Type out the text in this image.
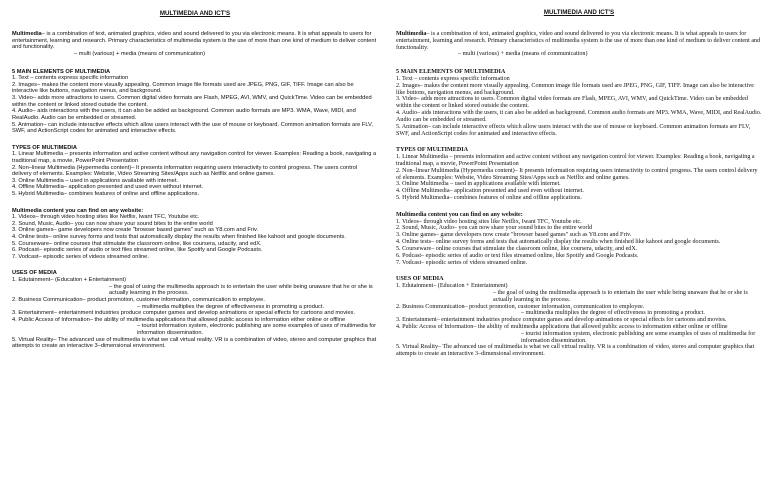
MULTIMEDIA AND ICT'S

Multimedia– is a combination of text, animated graphics, video and sound delivered to you via electronic means. It is what appeals to users for entertainment, learning and research. Primary characteristics of multimedia system is the use of more than one kind of medium to deliver content and functionality.

– multi (various) + media (means of communication)

5 MAIN ELEMENTS OF MULTIMEDIA

1. Text – contents express specific information

2. Images– makes the content more visually appealing. Common image file formats used are JPEG, PNG, GIF, TIFF. Image can also be interactive like buttons, navigation menus, and background.

3. Video– adds more attractions to users. Common digital video formats are Flash, MPEG, AVI, WMV, and QuickTime. Video can be embedded within the content or linked stored outside the content.

4. Audio– aids interactions with the users, it can also be added as background. Common audio formats are MP3. WMA, Wave, MIDI, and RealAudio. Audio can be embedded or streamed.

5. Animation– can include interactive effects which allow users interact with the use of mouse or keyboard. Common animation formats are FLV, SWF, and ActionScript codes for animated and interactive effects.

TYPES OF MULTIMEDIA

1. Linear Multimedia – presents information and active content without any navigation control for viewer. Examples: Reading a book, navigating a traditional map, a movie, PowerPoint Presentation

2. Non–linear Multimedia (Hypermedia content)– It presents information requiring users interactivity to control progress. The users control delivery of elements. Examples: Website, Video Streaming Sites/Apps such as Netflix and online games.

3. Online Multimedia – used in applications available with internet.

4. Offline Multimedia– application presented and used even without internet.

5. Hybrid Multimedia– combines features of online and offline applications.

Multimedia content you can find on any website:

1. Videos– through video hosting sites like Netflix, Iwant TFC, Youtube etc.

2. Sound, Music, Audio– you can now share your sound bites to the entire world

3. Online games– game developers now create "browser based games" such as Y8.com and Friv.

4. Online tests– online survey forms and tests that automatically display the results when finished like kahoot and google documents.

5. Courseware– online courses that stimulate the classroom online, like coursera, udacity, and edX.

6. Podcast– episodic series of audio or text files streamed online, like Spotify and Google Podcasts.

7. Vodcast– episodic series of videos streamed online.

USES OF MEDIA

1. Edutainment– (Education + Entertainment)

– the goal of using the multimedia approach is to entertain the user while being unaware that he or she is actually learning in the process.

2. Business Communication– product promotion, customer information, communication to employee.

– multimedia multiplies the degree of effectiveness in promoting a product.

3. Entertainment– entertainment industries produce computer games and develop animations or special effects for cartoons and movies.

4. Public Access of Information– the ability of multimedia applications that allowed public access to information either online or offline

– tourist information system, electronic publishing are some examples of uses of multimedia for information dissemination.

5. Virtual Reality– The advanced use of multimedia is what we call virtual reality. VR is a combination of video, stereo and computer graphics that attempts to create an interactive 3–dimensional environment.

MULTIMEDIA AND ICT'S

Multimedia– is a combination of text, animated graphics, video and sound delivered to you via electronic means. It is what appeals to users for entertainment, learning and research. Primary characteristics of multimedia system is the use of more than one kind of medium to deliver content and functionality.

– multi (various) + media (means of communication)

5 MAIN ELEMENTS OF MULTIMEDIA

1. Text – contents express specific information

2. Images– makes the content more visually appealing. Common image file formats used are JPEG, PNG, GIF, TIFF. Image can also be interactive like buttons, navigation menus, and background.

3. Video– adds more attractions to users. Common digital video formats are Flash, MPEG, AVI, WMV, and QuickTime. Video can be embedded within the content or linked stored outside the content.

4. Audio– aids interactions with the users, it can also be added as background. Common audio formats are MP3. WMA, Wave, MIDI, and RealAudio. Audio can be embedded or streamed.

5. Animation– can include interactive effects which allow users interact with the use of mouse or keyboard. Common animation formats are FLV, SWF, and ActionScript codes for animated and interactive effects.

TYPES OF MULTIMEDIA

1. Linear Multimedia – presents information and active content without any navigation control for viewer. Examples: Reading a book, navigating a traditional map, a movie, PowerPoint Presentation

2. Non–linear Multimedia (Hypermedia content)– It presents information requiring users interactivity to control progress. The users control delivery of elements. Examples: Website, Video Streaming Sites/Apps such as Netflix and online games.

3. Online Multimedia – used in applications available with internet.

4. Offline Multimedia– application presented and used even without internet.

5. Hybrid Multimedia– combines features of online and offline applications.

Multimedia content you can find on any website:

1. Videos– through video hosting sites like Netflix, Iwant TFC, Youtube etc.

2. Sound, Music, Audio– you can now share your sound bites to the entire world

3. Online games– game developers now create "browser based games" such as Y8.com and Friv.

4. Online tests– online survey forms and tests that automatically display the results when finished like kahoot and google documents.

5. Courseware– online courses that stimulate the classroom online, like coursera, udacity, and edX.

6. Podcast– episodic series of audio or text files streamed online, like Spotify and Google Podcasts.

7. Vodcast– episodic series of videos streamed online.

USES OF MEDIA

1. Edutainment– (Education + Entertainment)

– the goal of using the multimedia approach is to entertain the user while being unaware that he or she is actually learning in the process.

2. Business Communication– product promotion, customer information, communication to employee.

– multimedia multiplies the degree of effectiveness in promoting a product.

3. Entertainment– entertainment industries produce computer games and develop animations or special effects for cartoons and movies.

4. Public Access of Information– the ability of multimedia applications that allowed public access to information either online or offline

– tourist information system, electronic publishing are some examples of uses of multimedia for information dissemination.

5. Virtual Reality– The advanced use of multimedia is what we call virtual reality. VR is a combination of video, stereo and computer graphics that attempts to create an interactive 3–dimensional environment.
